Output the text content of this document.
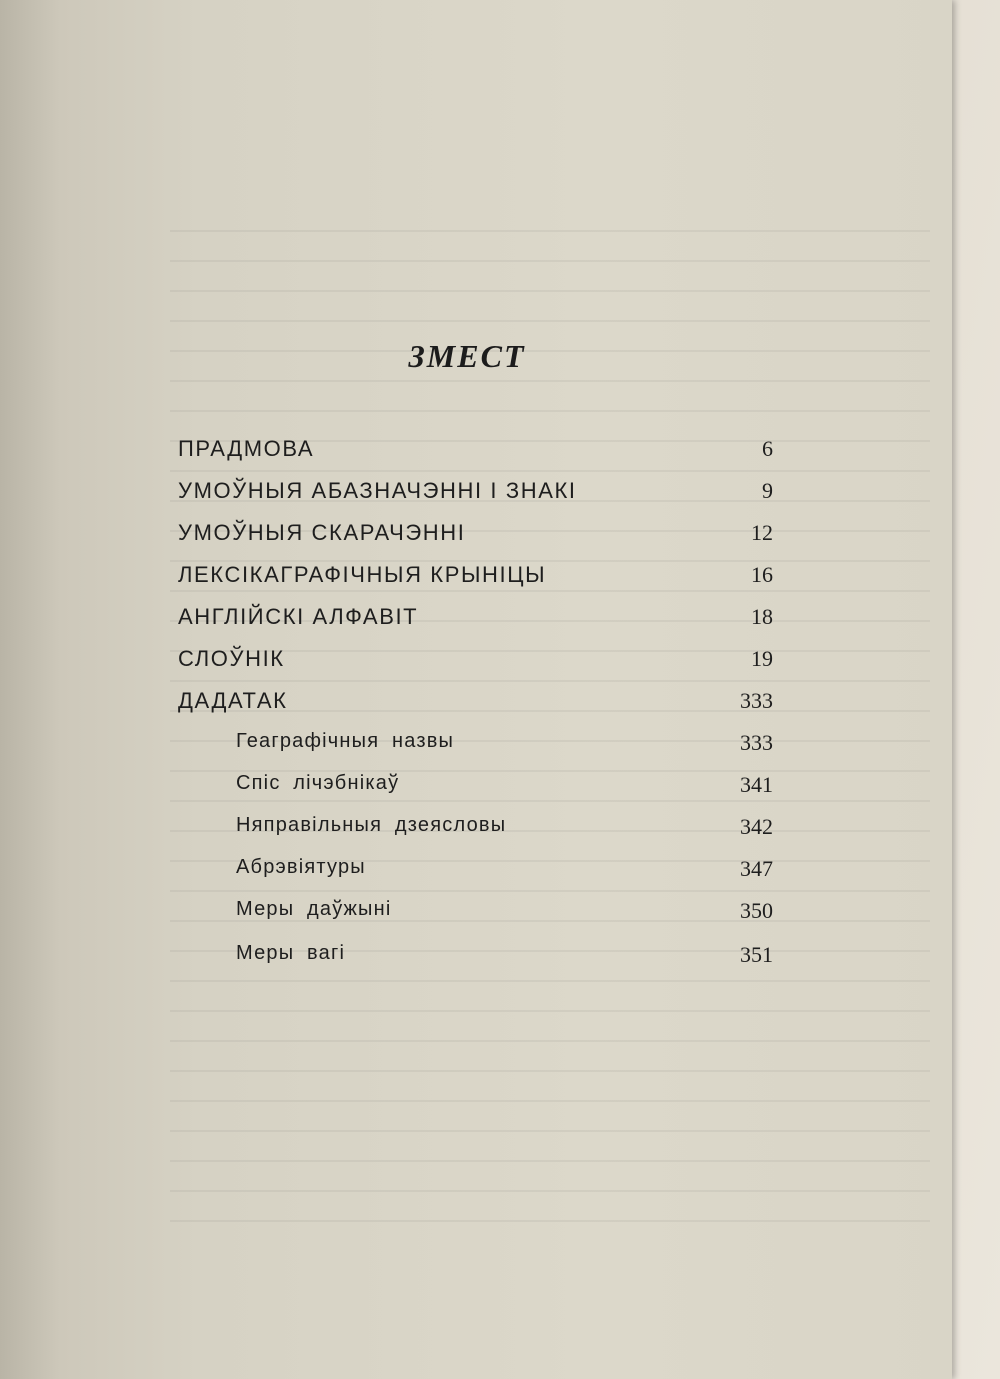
ЗМЕСТ
ПРАДМОВА	6
УМОЎНЫЯ АБАЗНАЧЭННІ І ЗНАКІ	9
УМОЎНЫЯ СКАРАЧЭННІ	12
ЛЕКСІКАГРАФІЧНЫЯ КРЫНІЦЫ	16
АНГЛІЙСКІ АЛФАВІТ	18
СЛОЎНІК	19
ДАДАТАК	333
Геаграфічныя назвы	333
Спіс лічэбнікаў	341
Няправільныя дзеясловы	342
Абрэвіятуры	347
Меры даўжыні	350
Меры вагі	351
